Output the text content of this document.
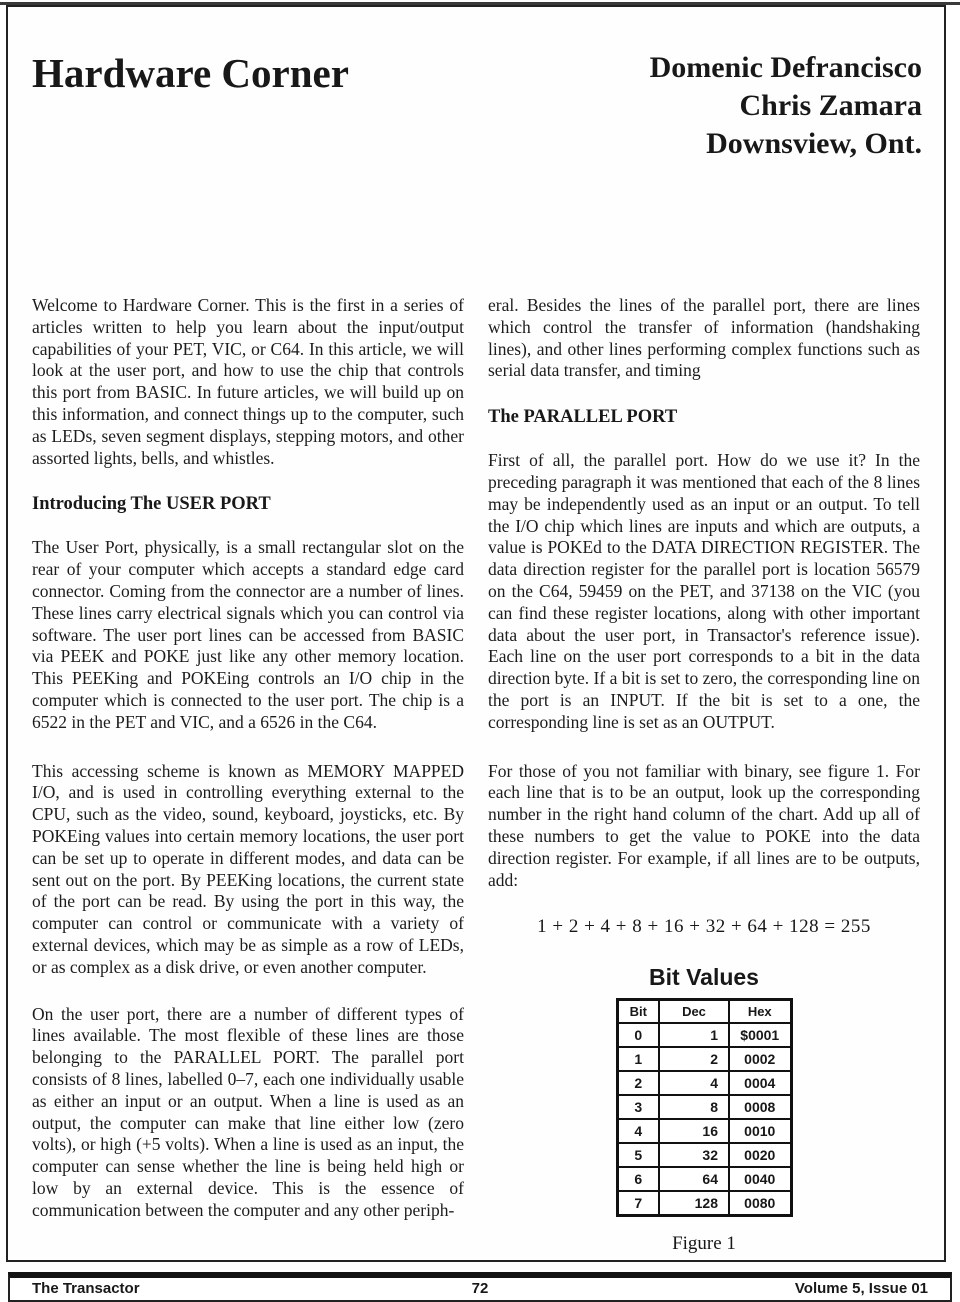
Hardware Corner	Domenic Defrancisco
Chris Zamara
Downsview, Ont.

Welcome to Hardware Corner. This is the first in a series of articles written to help you learn about the input/output capabilities of your PET, VIC, or C64. In this article, we will look at the user port, and how to use the chip that controls this port from BASIC. In future articles, we will build up on this information, and connect things up to the computer, such as LEDs, seven segment displays, stepping motors, and other assorted lights, bells, and whistles.

Introducing The USER PORT

The User Port, physically, is a small rectangular slot on the rear of your computer which accepts a standard edge card connector. Coming from the connector are a number of lines. These lines carry electrical signals which you can control via software. The user port lines can be accessed from BASIC via PEEK and POKE just like any other memory location. This PEEKing and POKEing controls an I/O chip in the computer which is connected to the user port. The chip is a 6522 in the PET and VIC, and a 6526 in the C64.

This accessing scheme is known as MEMORY MAPPED I/O, and is used in controlling everything external to the CPU, such as the video, sound, keyboard, joysticks, etc. By POKEing values into certain memory locations, the user port can be set up to operate in different modes, and data can be sent out on the port. By PEEKing locations, the current state of the port can be read. By using the port in this way, the computer can control or communicate with a variety of external devices, which may be as simple as a row of LEDs, or as complex as a disk drive, or even another computer.

On the user port, there are a number of different types of lines available. The most flexible of these lines are those belonging to the PARALLEL PORT. The parallel port consists of 8 lines, labelled 0–7, each one individually usable as either an input or an output. When a line is used as an output, the computer can make that line either low (zero volts), or high (+5 volts). When a line is used as an input, the computer can sense whether the line is being held high or low by an external device. This is the essence of communication between the computer and any other periph-

eral. Besides the lines of the parallel port, there are lines which control the transfer of information (handshaking lines), and other lines performing complex functions such as serial data transfer, and timing

The PARALLEL PORT

First of all, the parallel port. How do we use it? In the preceding paragraph it was mentioned that each of the 8 lines may be independently used as an input or an output. To tell the I/O chip which lines are inputs and which are outputs, a value is POKEd to the DATA DIRECTION REGISTER. The data direction register for the parallel port is location 56579 on the C64, 59459 on the PET, and 37138 on the VIC (you can find these register locations, along with other important data about the user port, in Transactor's reference issue). Each line on the user port corresponds to a bit in the data direction byte. If a bit is set to zero, the corresponding line on the port is an INPUT. If the bit is set to a one, the corresponding line is set as an OUTPUT.

For those of you not familiar with binary, see figure 1. For each line that is to be an output, look up the corresponding number in the right hand column of the chart. Add up all of these numbers to get the value to POKE into the data direction register. For example, if all lines are to be outputs, add:

1 + 2 + 4 + 8 + 16 + 32 + 64 + 128 = 255
Bit Values
Bit	Dec	Hex
0	1	$0001
1	2	0002
2	4	0004
3	8	0008
4	16	0010
5	32	0020
6	64	0040
7	128	0080
Figure 1
The Transactor	72	Volume 5, Issue 01
